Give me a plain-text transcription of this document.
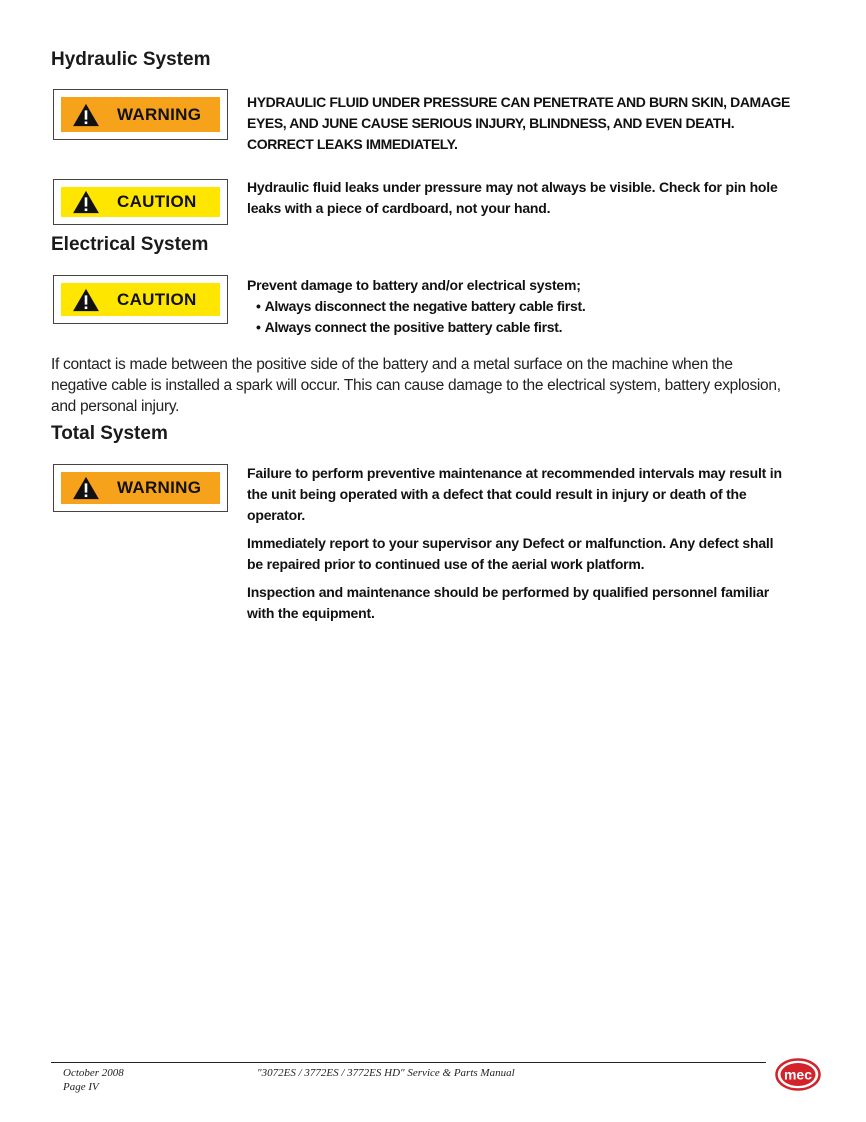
Hydraulic System
WARNING

HYDRAULIC FLUID UNDER PRESSURE CAN PENETRATE AND BURN SKIN, DAMAGE EYES, AND JUNE CAUSE SERIOUS INJURY, BLINDNESS, AND EVEN DEATH. CORRECT LEAKS IMMEDIATELY.

CAUTION

Hydraulic fluid leaks under pressure may not always be visible. Check for pin hole leaks with a piece of cardboard, not your hand.

Electrical System
CAUTION

Prevent damage to battery and/or electrical system;

• Always disconnect the negative battery cable first.
• Always connect the positive battery cable first.

If contact is made between the positive side of the battery and a metal surface on the machine when the negative cable is installed a spark will occur. This can cause damage to the electrical system, battery explosion, and personal injury.

Total System
WARNING

Failure to perform preventive maintenance at recommended intervals may result in the unit being operated with a defect that could result in injury or death of the operator.

Immediately report to your supervisor any Defect or malfunction. Any defect shall be repaired prior to continued use of the aerial work platform.

Inspection and maintenance should be performed by qualified personnel familiar with the equipment.

October 2008

Page IV

"3072ES / 3772ES / 3772ES HD" Service & Parts Manual	mec
